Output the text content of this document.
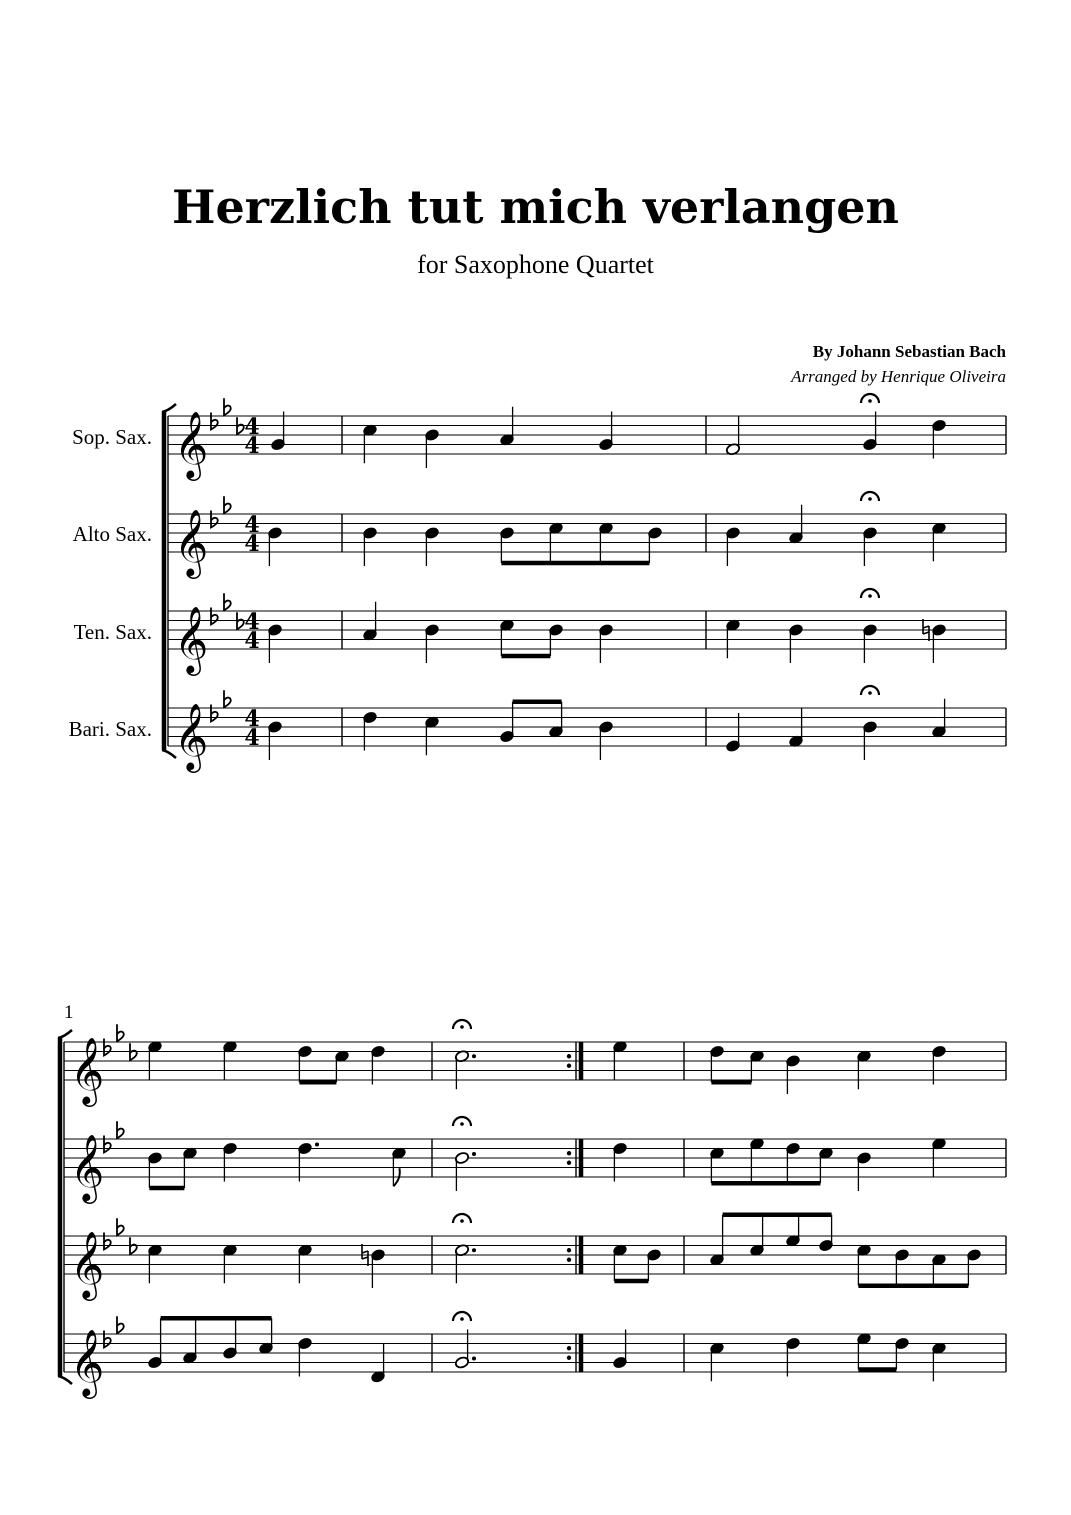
Herzlich tut mich verlangen
for Saxophone Quartet
By Johann Sebastian Bach
Arranged by Henrique Oliveira
Sop. Sax.
Alto Sax.
Ten. Sax.
Bari. Sax.
1
𝄞
𝄞
𝄞
𝄞
4
4
4
4
4
4
4
4
𝄞
𝄞
𝄞
𝄞
